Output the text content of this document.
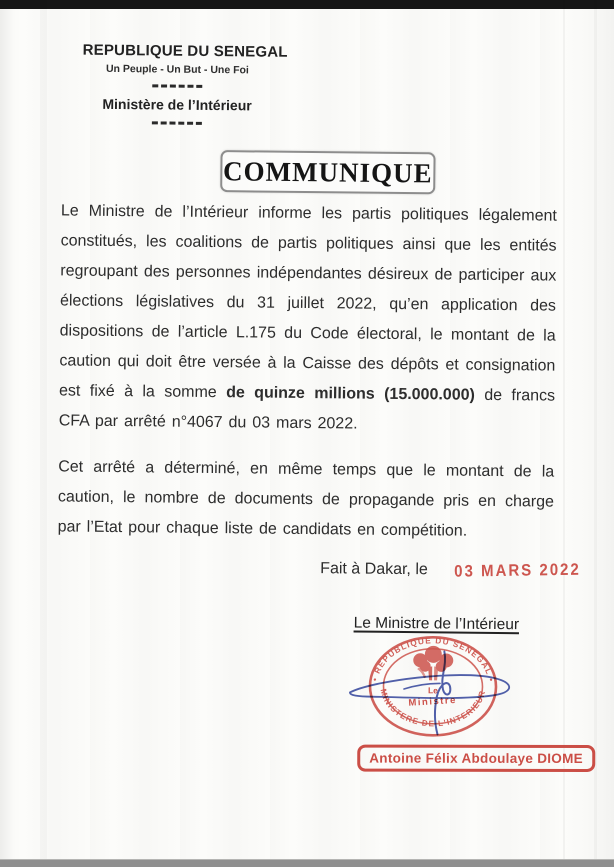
REPUBLIQUE DU SENEGAL
Un Peuple - Un But - Une Foi
Ministère de l’Intérieur
COMMUNIQUE

Le Ministre de l’Intérieur informe les partis politiques légalement constitués, les coalitions de partis politiques ainsi que les entités regroupant des personnes indépendantes désireux de participer aux élections législatives du 31 juillet 2022, qu’en application des dispositions de l’article L.175 du Code électoral, le montant de la caution qui doit être versée à la Caisse des dépôts et consignation est fixé à la somme de quinze millions (15.000.000) de francs CFA par arrêté n°4067 du 03 mars 2022.

Cet arrêté a déterminé, en même temps que le montant de la caution, le nombre de documents de propagande pris en charge par l’Etat pour chaque liste de candidats en compétition.

Fait à Dakar, le 03 MARS 2022
Le Ministre de l’Intérieur
• REPUBLIQUE DU SENEGAL •
MINISTERE DE L'INTERIEUR
Le
Ministre
Antoine Félix Abdoulaye DIOME
